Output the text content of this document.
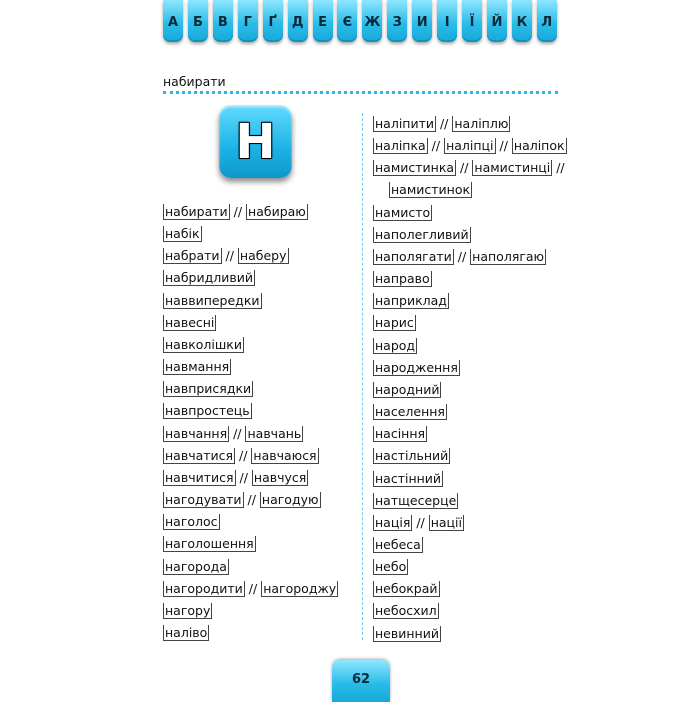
А	Б	В	Г	Ґ	Д	Е	Є Ж З	И	І	Ї	Й	К	Л
набирати
Н
набирати // набираю
набік
набрати // наберу
набридливий
наввипередки
навесні
навколішки
навмання
навприсядки
навпростець
навчання // навчань
навчатися // навчаюся
навчитися // навчуся
нагодувати // нагодую
наголос
наголошення
нагорода
нагородити // нагороджу
нагору
наліво
наліпити // наліплю
наліпка // наліпці // наліпок
намистинка // намистинці //
намистинок
намисто
наполегливий
наполягати // наполягаю
направо
наприклад
нарис
народ
народження
народний
населення
насіння
настільний
настінний
натщесерце
нація // нації
небеса
небо
небокрай
небосхил
невинний
62
